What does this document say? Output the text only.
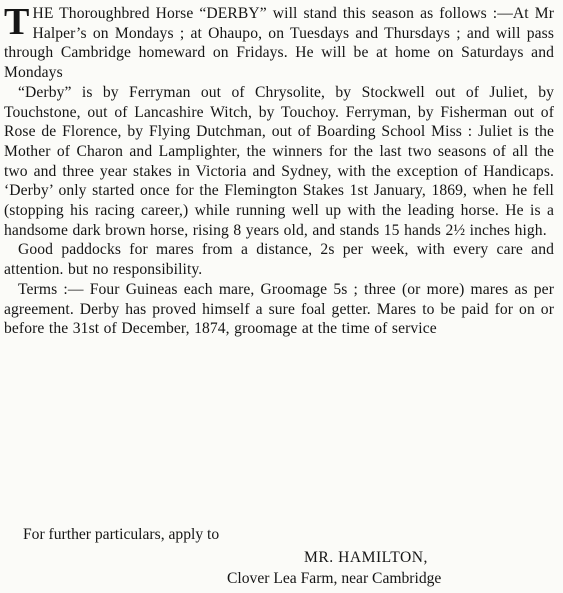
THE Thoroughbred Horse “DERBY” will stand this season as follows :—At Mr Halper’s on Mondays ; at Ohaupo, on Tuesdays and Thursdays ; and will pass through Cambridge homeward on Fridays. He will be at home on Saturdays and Mondays

“Derby” is by Ferryman out of Chrysolite, by Stockwell out of Juliet, by Touchstone, out of Lancashire Witch, by Touchoy. Ferryman, by Fisherman out of Rose de Florence, by Flying Dutchman, out of Boarding School Miss : Juliet is the Mother of Charon and Lamplighter, the winners for the last two seasons of all the two and three year stakes in Victoria and Sydney, with the exception of Handicaps. ‘Derby’ only started once for the Flemington Stakes 1st January, 1869, when he fell (stopping his racing career,) while running well up with the leading horse. He is a handsome dark brown horse, rising 8 years old, and stands 15 hands 2½ inches high.

Good paddocks for mares from a distance, 2s per week, with every care and attention. but no responsibility.

Terms :— Four Guineas each mare, Groomage 5s ; three (or more) mares as per agreement. Derby has proved himself a sure foal getter. Mares to be paid for on or before the 31st of December, 1874, groomage at the time of service

For further particulars, apply to
MR. HAMILTON,
Clover Lea Farm, near Cambridge
